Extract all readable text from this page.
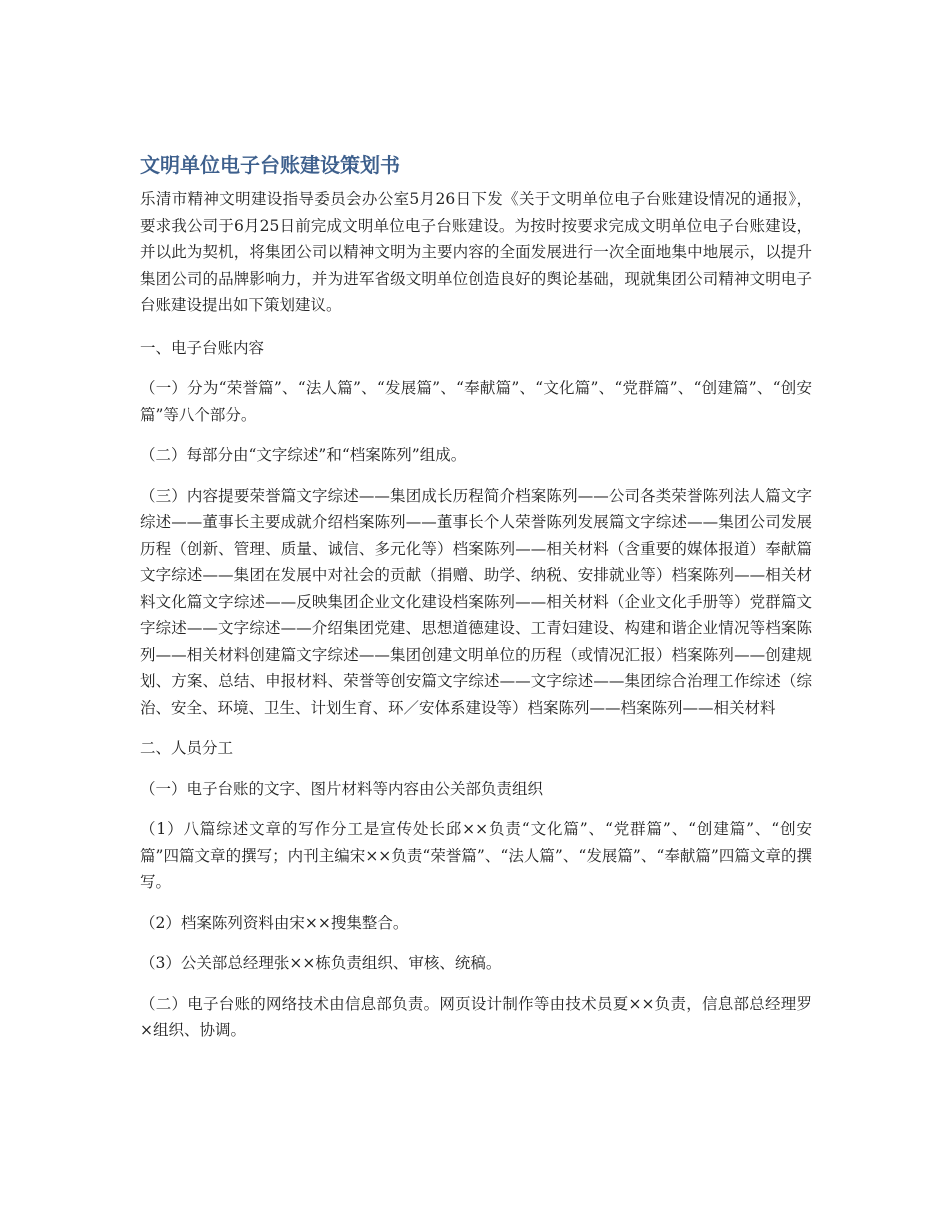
文明单位电子台账建设策划书

乐清市精神文明建设指导委员会办公室5月26日下发《关于文明单位电子台账建设情况的通报》，要求我公司于6月25日前完成文明单位电子台账建设。为按时按要求完成文明单位电子台账建设，并以此为契机，将集团公司以精神文明为主要内容的全面发展进行一次全面地集中地展示，以提升集团公司的品牌影响力，并为进军省级文明单位创造良好的舆论基础，现就集团公司精神文明电子台账建设提出如下策划建议。

一、电子台账内容

（一）分为“荣誉篇”、“法人篇”、“发展篇”、“奉献篇”、“文化篇”、“党群篇”、“创建篇”、“创安篇”等八个部分。

（二）每部分由“文字综述”和“档案陈列”组成。

（三）内容提要荣誉篇文字综述——集团成长历程简介档案陈列——公司各类荣誉陈列法人篇文字综述——董事长主要成就介绍档案陈列——董事长个人荣誉陈列发展篇文字综述——集团公司发展历程（创新、管理、质量、诚信、多元化等）档案陈列——相关材料（含重要的媒体报道）奉献篇文字综述——集团在发展中对社会的贡献（捐赠、助学、纳税、安排就业等）档案陈列——相关材料文化篇文字综述——反映集团企业文化建设档案陈列——相关材料（企业文化手册等）党群篇文字综述——文字综述——介绍集团党建、思想道德建设、工青妇建设、构建和谐企业情况等档案陈列——相关材料创建篇文字综述——集团创建文明单位的历程（或情况汇报）档案陈列——创建规划、方案、总结、申报材料、荣誉等创安篇文字综述——文字综述——集团综合治理工作综述（综治、安全、环境、卫生、计划生育、环／安体系建设等）档案陈列——档案陈列——相关材料

二、人员分工

（一）电子台账的文字、图片材料等内容由公关部负责组织

（1）八篇综述文章的写作分工是宣传处长邱××负责“文化篇”、“党群篇”、“创建篇”、“创安篇”四篇文章的撰写；内刊主编宋××负责“荣誉篇”、“法人篇”、“发展篇”、“奉献篇”四篇文章的撰写。

（2）档案陈列资料由宋××搜集整合。

（3）公关部总经理张××栋负责组织、审核、统稿。

（二）电子台账的网络技术由信息部负责。网页设计制作等由技术员夏××负责，信息部总经理罗×组织、协调。
